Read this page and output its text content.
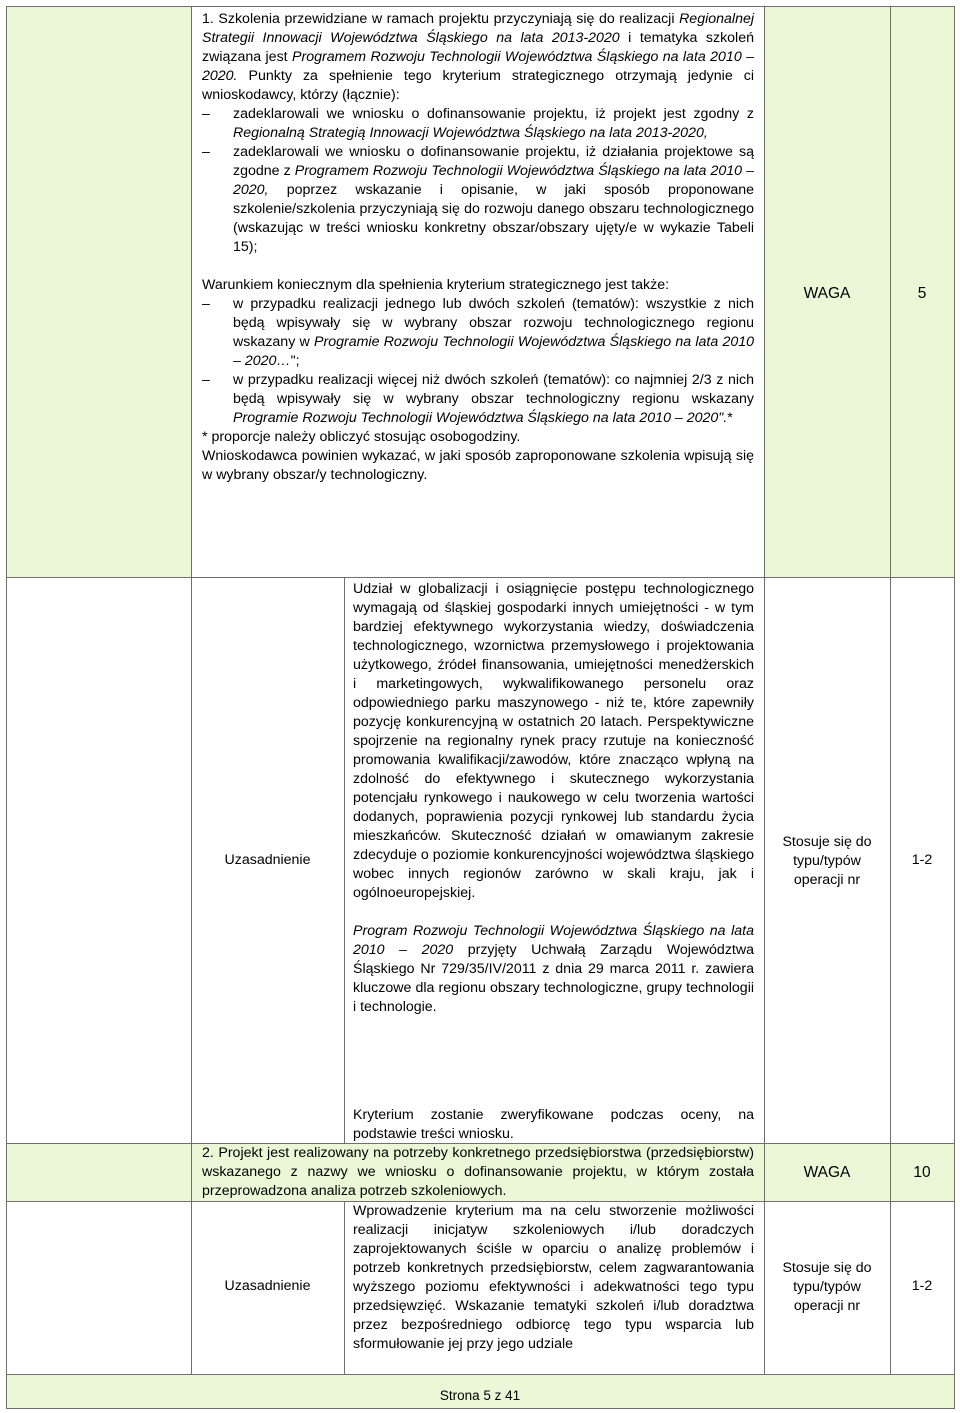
1. Szkolenia przewidziane w ramach projektu przyczyniają się do realizacji Regionalnej Strategii Innowacji Województwa Śląskiego na lata 2013-2020 i tematyka szkoleń związana jest Programem Rozwoju Technologii Województwa Śląskiego na lata 2010 – 2020. Punkty za spełnienie tego kryterium strategicznego otrzymają jedynie ci wnioskodawcy, którzy (łącznie):

– zadeklarowali we wniosku o dofinansowanie projektu, iż projekt jest zgodny z Regionalną Strategią Innowacji Województwa Śląskiego na lata 2013-2020,

– zadeklarowali we wniosku o dofinansowanie projektu, iż działania projektowe są zgodne z Programem Rozwoju Technologii Województwa Śląskiego na lata 2010 – 2020, poprzez wskazanie i opisanie, w jaki sposób proponowane szkolenie/szkolenia przyczyniają się do rozwoju danego obszaru technologicznego (wskazując w treści wniosku konkretny obszar/obszary ujęty/e w wykazie Tabeli 15);

Warunkiem koniecznym dla spełnienia kryterium strategicznego jest także:

– w przypadku realizacji jednego lub dwóch szkoleń (tematów): wszystkie z nich będą wpisywały się w wybrany obszar rozwoju technologicznego regionu wskazany w Programie Rozwoju Technologii Województwa Śląskiego na lata 2010 – 2020…";

– w przypadku realizacji więcej niż dwóch szkoleń (tematów): co najmniej 2/3 z nich będą wpisywały się w wybrany obszar technologiczny regionu wskazany Programie Rozwoju Technologii Województwa Śląskiego na lata 2010 – 2020".*

* proporcje należy obliczyć stosując osobogodziny.

Wnioskodawca powinien wykazać, w jaki sposób zaproponowane szkolenia wpisują się w wybrany obszar/y technologiczny.

WAGA	5
Uzasadnienie

Udział w globalizacji i osiągnięcie postępu technologicznego wymagają od śląskiej gospodarki innych umiejętności - w tym bardziej efektywnego wykorzystania wiedzy, doświadczenia technologicznego, wzornictwa przemysłowego i projektowania użytkowego, źródeł finansowania, umiejętności menedżerskich i marketingowych, wykwalifikowanego personelu oraz odpowiedniego parku maszynowego - niż te, które zapewniły pozycję konkurencyjną w ostatnich 20 latach. Perspektywiczne spojrzenie na regionalny rynek pracy rzutuje na konieczność promowania kwalifikacji/zawodów, które znacząco wpłyną na zdolność do efektywnego i skutecznego wykorzystania potencjału rynkowego i naukowego w celu tworzenia wartości dodanych, poprawienia pozycji rynkowej lub standardu życia mieszkańców. Skuteczność działań w omawianym zakresie zdecyduje o poziomie konkurencyjności województwa śląskiego wobec innych regionów zarówno w skali kraju, jak i ogólnoeuropejskiej.

Program Rozwoju Technologii Województwa Śląskiego na lata 2010 – 2020 przyjęty Uchwałą Zarządu Województwa Śląskiego Nr 729/35/IV/2011 z dnia 29 marca 2011 r. zawiera kluczowe dla regionu obszary technologiczne, grupy technologii i technologie.

Kryterium zostanie zweryfikowane podczas oceny, na podstawie treści wniosku.

Stosuje się do typu/typów operacji nr
1-2

2. Projekt jest realizowany na potrzeby konkretnego przedsiębiorstwa (przedsiębiorstw) wskazanego z nazwy we wniosku o dofinansowanie projektu, w którym została przeprowadzona analiza potrzeb szkoleniowych.

WAGA	10
Uzasadnienie

Wprowadzenie kryterium ma na celu stworzenie możliwości realizacji inicjatyw szkoleniowych i/lub doradczych zaprojektowanych ściśle w oparciu o analizę problemów i potrzeb konkretnych przedsiębiorstw, celem zagwarantowania wyższego poziomu efektywności i adekwatności tego typu przedsięwzięć. Wskazanie tematyki szkoleń i/lub doradztwa przez bezpośredniego odbiorcę tego typu wsparcia lub sformułowanie jej przy jego udziale

Stosuje się do typu/typów operacji nr
1-2
Strona 5 z 41
